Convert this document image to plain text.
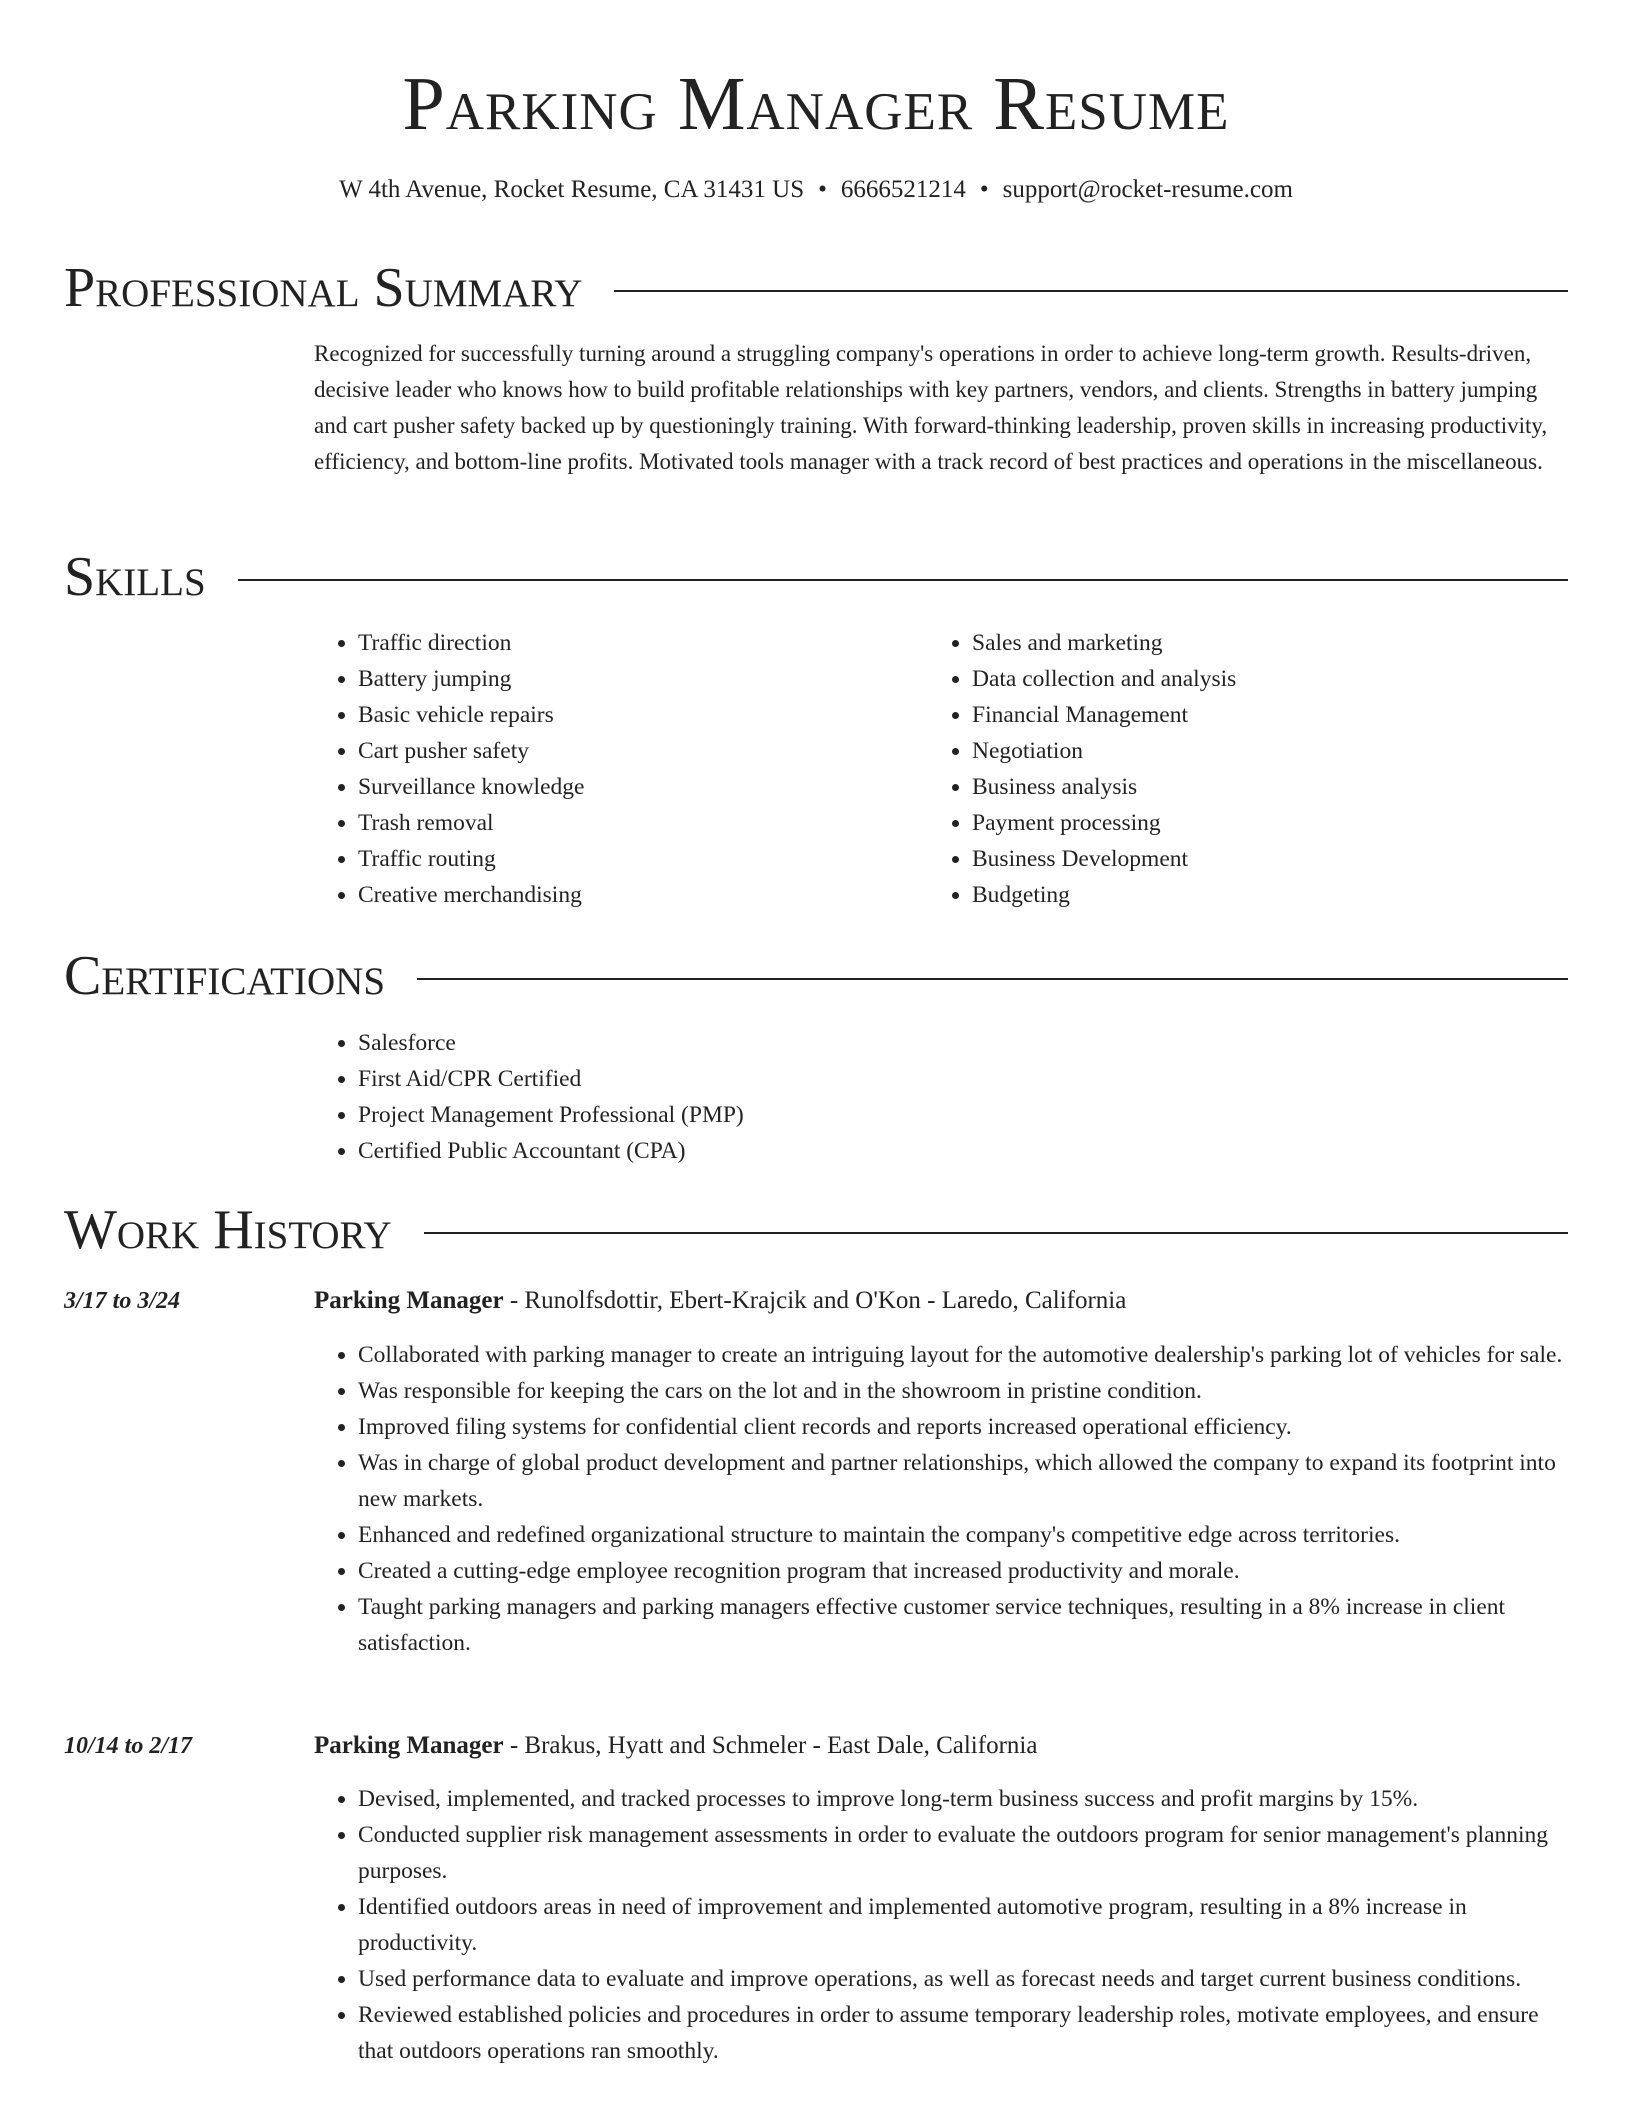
Parking Manager Resume
W 4th Avenue, Rocket Resume, CA 31431 US • 6666521214 • support@rocket-resume.com
Professional Summary

Recognized for successfully turning around a struggling company's operations in order to achieve long-term growth. Results-driven, decisive leader who knows how to build profitable relationships with key partners, vendors, and clients. Strengths in battery jumping and cart pusher safety backed up by questioningly training. With forward-thinking leadership, proven skills in increasing productivity, efficiency, and bottom-line profits. Motivated tools manager with a track record of best practices and operations in the miscellaneous.

Skills
• Traffic direction
• Battery jumping
• Basic vehicle repairs
• Cart pusher safety
• Surveillance knowledge
• Trash removal
• Traffic routing
• Creative merchandising
• Sales and marketing
• Data collection and analysis
• Financial Management
• Negotiation
• Business analysis
• Payment processing
• Business Development
• Budgeting
Certifications
• Salesforce
• First Aid/CPR Certified
• Project Management Professional (PMP)
• Certified Public Accountant (CPA)
Work History
3/17 to 3/24	Parking Manager - Runolfsdottir, Ebert-Krajcik and O'Kon - Laredo, California
• Collaborated with parking manager to create an intriguing layout for the automotive dealership's parking lot of vehicles for sale.
• Was responsible for keeping the cars on the lot and in the showroom in pristine condition.
• Improved filing systems for confidential client records and reports increased operational efficiency.
• Was in charge of global product development and partner relationships, which allowed the company to expand its footprint into new markets.
• Enhanced and redefined organizational structure to maintain the company's competitive edge across territories.
• Created a cutting-edge employee recognition program that increased productivity and morale.
• Taught parking managers and parking managers effective customer service techniques, resulting in a 8% increase in client satisfaction.
10/14 to 2/17	Parking Manager - Brakus, Hyatt and Schmeler - East Dale, California
• Devised, implemented, and tracked processes to improve long-term business success and profit margins by 15%.
• Conducted supplier risk management assessments in order to evaluate the outdoors program for senior management's planning purposes.
• Identified outdoors areas in need of improvement and implemented automotive program, resulting in a 8% increase in productivity.
• Used performance data to evaluate and improve operations, as well as forecast needs and target current business conditions.
• Reviewed established policies and procedures in order to assume temporary leadership roles, motivate employees, and ensure that outdoors operations ran smoothly.
